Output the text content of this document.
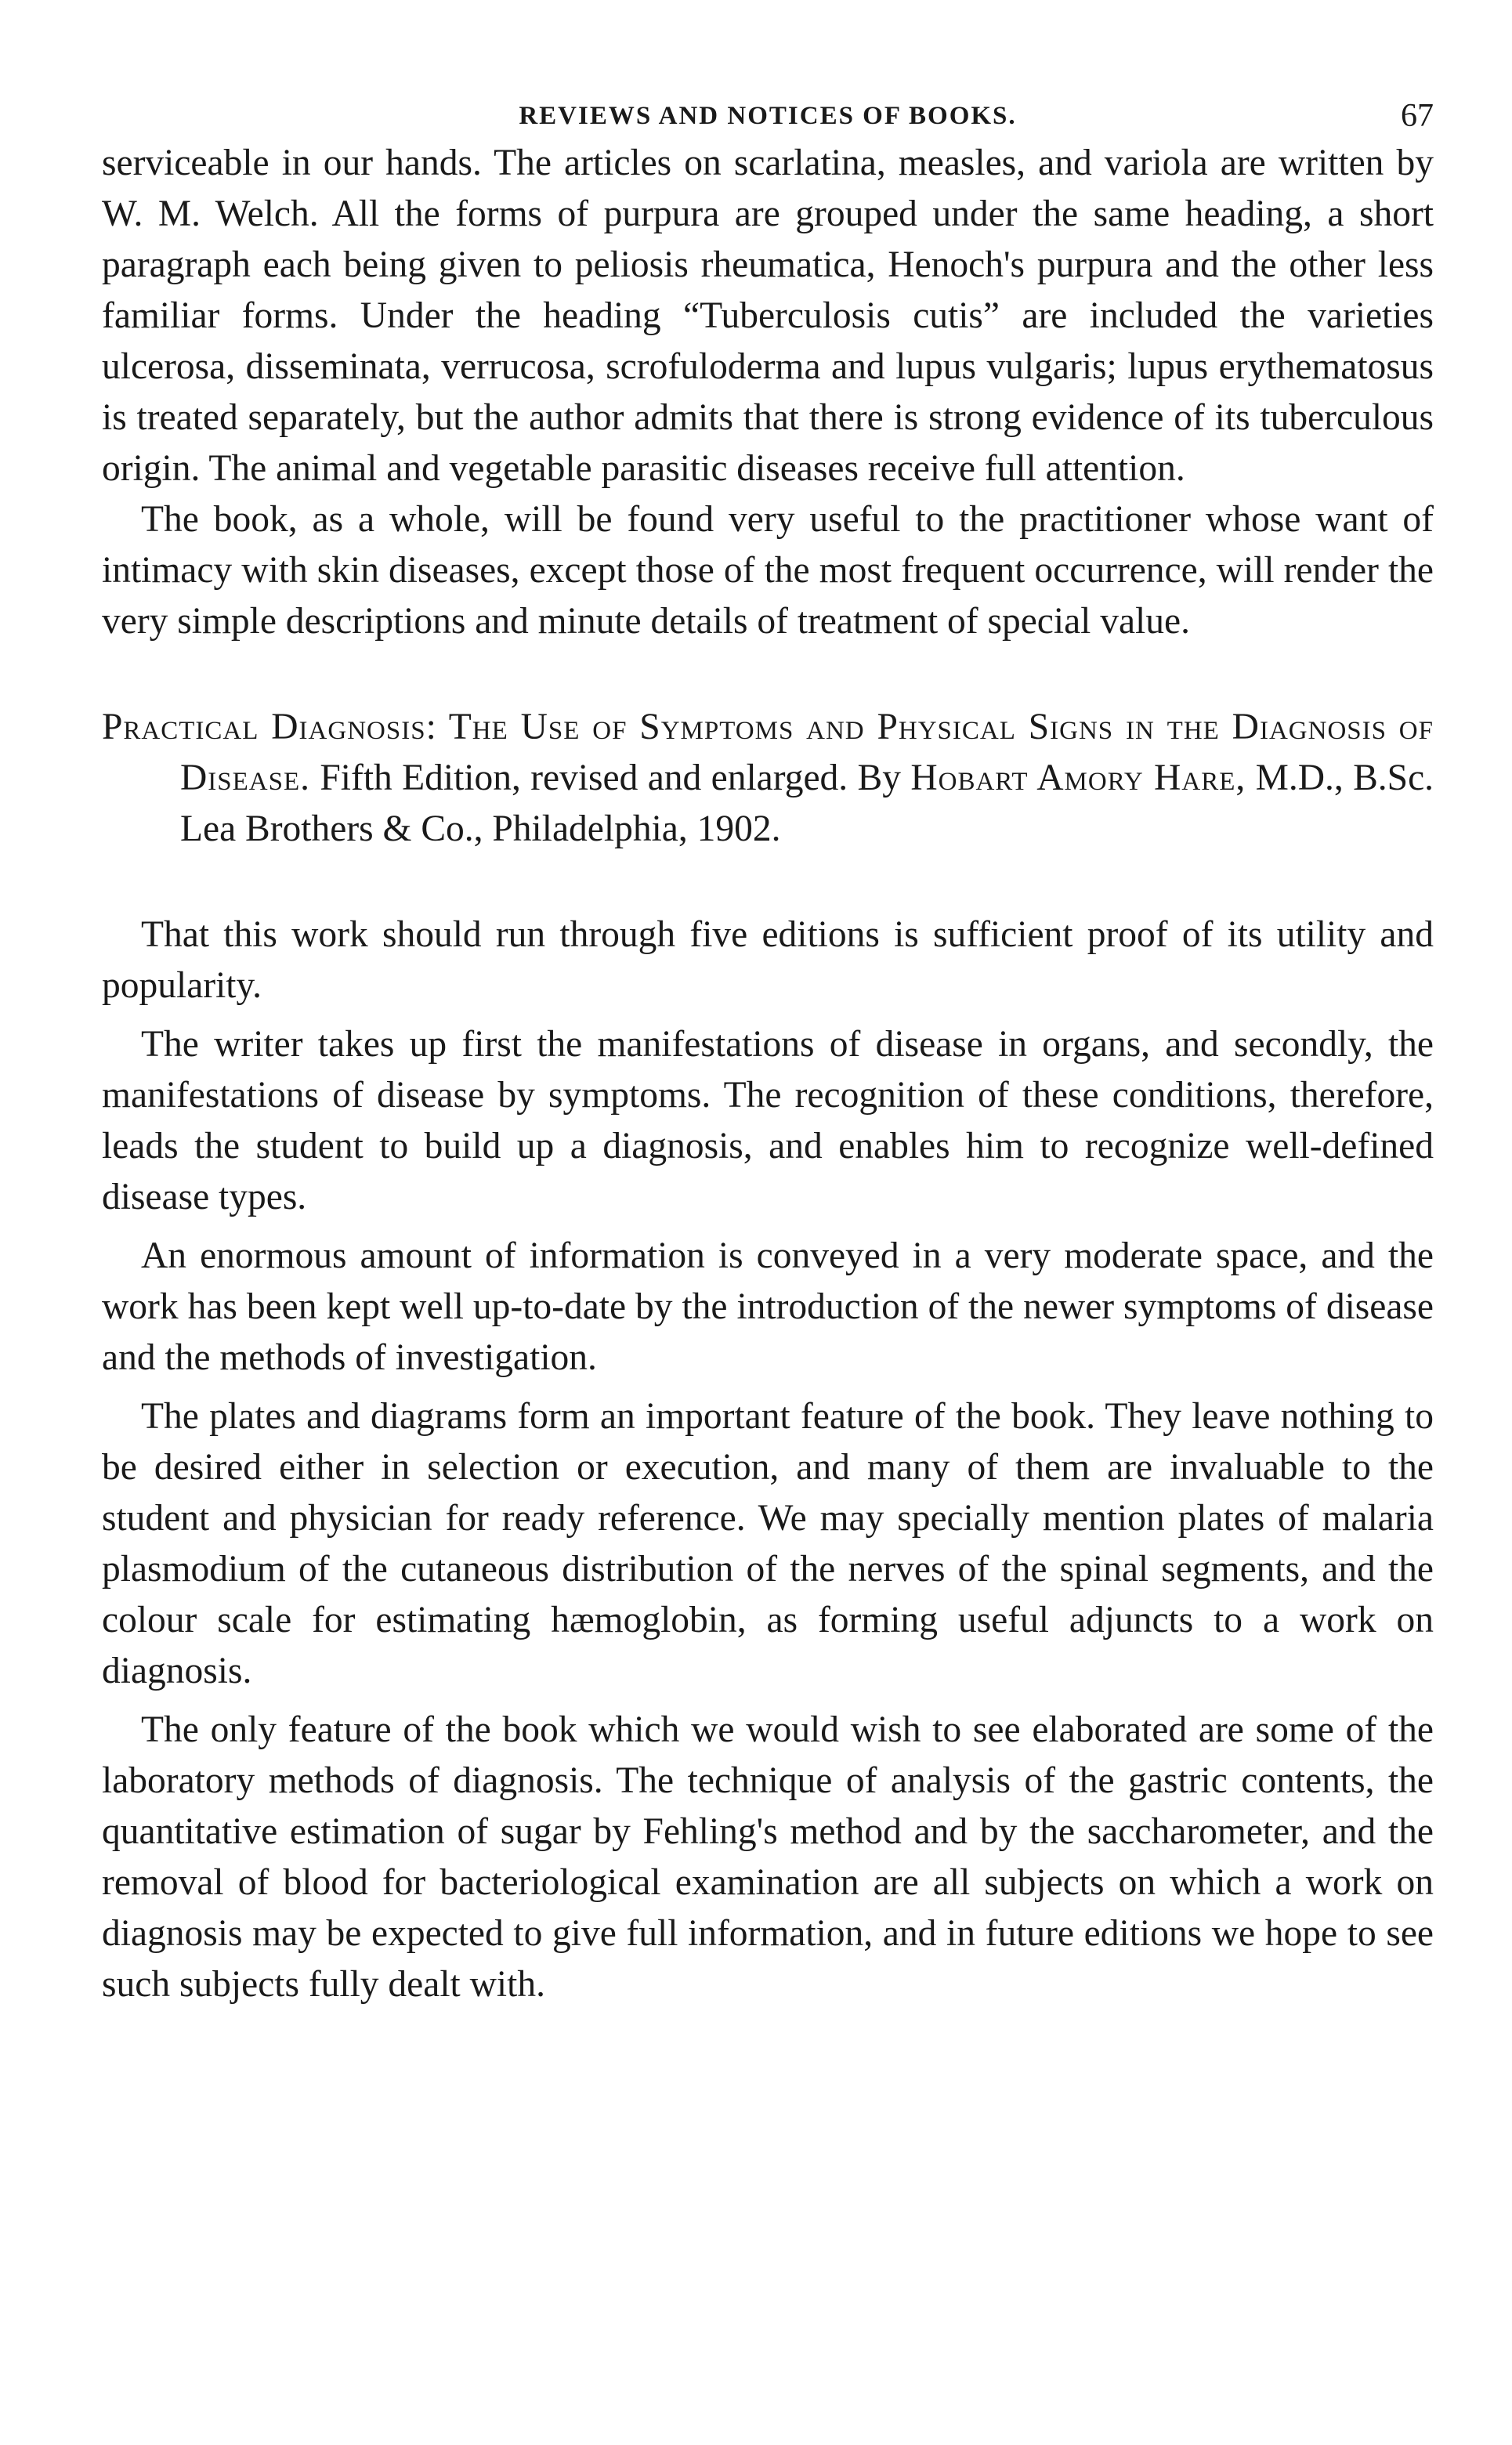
REVIEWS AND NOTICES OF BOOKS.	67

serviceable in our hands. The articles on scarlatina, measles, and variola are written by W. M. Welch. All the forms of purpura are grouped under the same heading, a short paragraph each being given to peliosis rheumatica, Henoch's purpura and the other less familiar forms. Under the heading “Tuberculosis cutis” are included the varieties ulcerosa, disseminata, verrucosa, scrofuloderma and lupus vulgaris; lupus erythematosus is treated separately, but the author admits that there is strong evidence of its tuberculous origin. The animal and vegetable parasitic diseases receive full attention.

The book, as a whole, will be found very useful to the practitioner whose want of intimacy with skin diseases, except those of the most frequent occurrence, will render the very simple descriptions and minute details of treatment of special value.

Practical Diagnosis: The Use of Symptoms and Physical Signs in the Diagnosis of Disease. Fifth Edition, revised and enlarged. By Hobart Amory Hare, M.D., B.Sc. Lea Brothers & Co., Philadelphia, 1902.

That this work should run through five editions is sufficient proof of its utility and popularity.

The writer takes up first the manifestations of disease in organs, and secondly, the manifestations of disease by symptoms. The recognition of these conditions, therefore, leads the student to build up a diagnosis, and enables him to recognize well-defined disease types.

An enormous amount of information is conveyed in a very moderate space, and the work has been kept well up-to-date by the introduction of the newer symptoms of disease and the methods of investigation.

The plates and diagrams form an important feature of the book. They leave nothing to be desired either in selection or execution, and many of them are invaluable to the student and physician for ready reference. We may specially mention plates of malaria plasmodium of the cutaneous distribution of the nerves of the spinal segments, and the colour scale for estimating hæmoglobin, as forming useful adjuncts to a work on diagnosis.

The only feature of the book which we would wish to see elaborated are some of the laboratory methods of diagnosis. The technique of analysis of the gastric contents, the quantitative estimation of sugar by Fehling's method and by the saccharometer, and the removal of blood for bacteriological examination are all subjects on which a work on diagnosis may be expected to give full information, and in future editions we hope to see such subjects fully dealt with.
